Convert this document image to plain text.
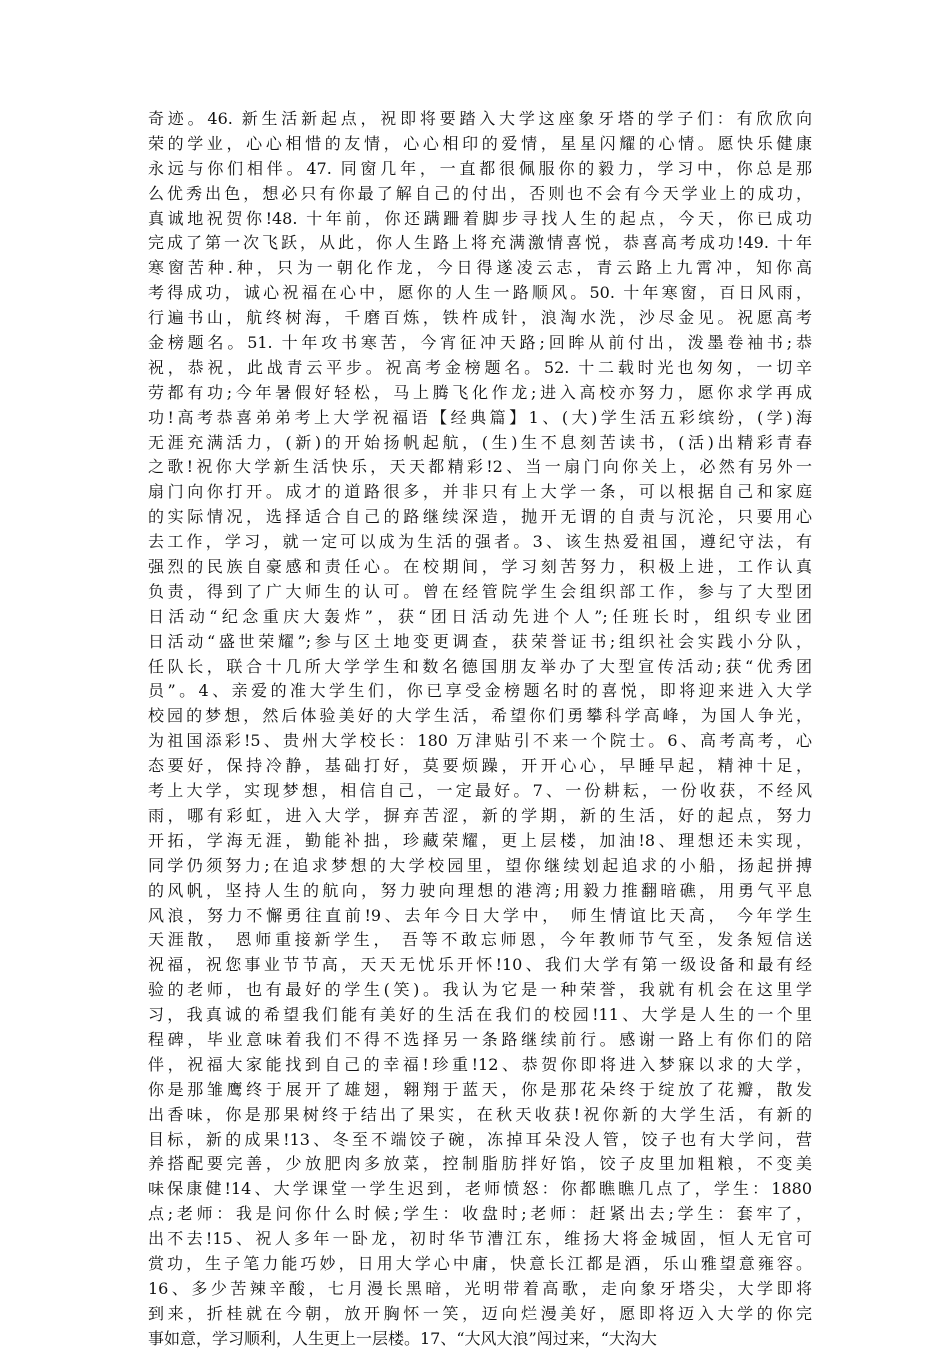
奇迹。46. 新生活新起点，祝即将要踏入大学这座象牙塔的学子们：有欣欣向
荣的学业，心心相惜的友情，心心相印的爱情，星星闪耀的心情。愿快乐健康
永远与你们相伴。47. 同窗几年，一直都很佩服你的毅力，学习中，你总是那
么优秀出色，想必只有你最了解自己的付出，否则也不会有今天学业上的成功，
真诚地祝贺你!48. 十年前，你还蹒跚着脚步寻找人生的起点，今天，你已成功
完成了第一次飞跃，从此，你人生路上将充满激情喜悦，恭喜高考成功!49. 十年
寒窗苦种.种，只为一朝化作龙，今日得遂凌云志，青云路上九霄冲，知你高
考得成功，诚心祝福在心中，愿你的人生一路顺风。50. 十年寒窗，百日风雨，
行遍书山，航终树海，千磨百炼，铁杵成针，浪淘水洗，沙尽金见。祝愿高考
金榜题名。51. 十年攻书寒苦，今宵征冲天路;回眸从前付出，泼墨卷袖书;恭
祝，恭祝，此战青云平步。祝高考金榜题名。52. 十二载时光也匆匆，一切辛
劳都有功;今年暑假好轻松，马上腾飞化作龙;进入高校亦努力，愿你求学再成
功!高考恭喜弟弟考上大学祝福语【经典篇】1、(大)学生活五彩缤纷，(学)海
无涯充满活力，(新)的开始扬帆起航，(生)生不息刻苦读书，(活)出精彩青春
之歌!祝你大学新生活快乐，天天都精彩!2、当一扇门向你关上，必然有另外一
扇门向你打开。成才的道路很多，并非只有上大学一条，可以根据自己和家庭
的实际情况，选择适合自己的路继续深造，抛开无谓的自责与沉沦，只要用心
去工作，学习，就一定可以成为生活的强者。3、该生热爱祖国，遵纪守法，有
强烈的民族自豪感和责任心。在校期间，学习刻苦努力，积极上进，工作认真
负责，得到了广大师生的认可。曾在经管院学生会组织部工作，参与了大型团
日活动“纪念重庆大轰炸”，获“团日活动先进个人”;任班长时，组织专业团
日活动“盛世荣耀”;参与区土地变更调查，获荣誉证书;组织社会实践小分队，
任队长，联合十几所大学学生和数名德国朋友举办了大型宣传活动;获“优秀团
员”。4、亲爱的准大学生们，你已享受金榜题名时的喜悦，即将迎来进入大学
校园的梦想，然后体验美好的大学生活，希望你们勇攀科学高峰，为国人争光，
为祖国添彩!5、贵州大学校长：180 万津贴引不来一个院士。6、高考高考，心
态要好，保持冷静，基础打好，莫要烦躁，开开心心，早睡早起，精神十足，
考上大学，实现梦想，相信自己，一定最好。7、一份耕耘，一份收获，不经风
雨，哪有彩虹，进入大学，摒弃苦涩，新的学期，新的生活，好的起点，努力
开拓，学海无涯，勤能补拙，珍藏荣耀，更上层楼，加油!8、理想还未实现，
同学仍须努力;在追求梦想的大学校园里，望你继续划起追求的小船，扬起拼搏
的风帆，坚持人生的航向，努力驶向理想的港湾;用毅力推翻暗礁，用勇气平息
风浪，努力不懈勇往直前!9、去年今日大学中， 师生情谊比天高， 今年学生
天涯散， 恩师重接新学生， 吾等不敢忘师恩，今年教师节气至，发条短信送
祝福，祝您事业节节高，天天无忧乐开怀!10、我们大学有第一级设备和最有经
验的老师，也有最好的学生(笑)。我认为它是一种荣誉，我就有机会在这里学
习，我真诚的希望我们能有美好的生活在我们的校园!11、大学是人生的一个里
程碑，毕业意味着我们不得不选择另一条路继续前行。感谢一路上有你们的陪
伴，祝福大家能找到自己的幸福!珍重!12、恭贺你即将进入梦寐以求的大学，
你是那雏鹰终于展开了雄翅，翱翔于蓝天，你是那花朵终于绽放了花瓣，散发
出香味，你是那果树终于结出了果实，在秋天收获!祝你新的大学生活，有新的
目标，新的成果!13、冬至不端饺子碗，冻掉耳朵没人管，饺子也有大学问，营
养搭配要完善，少放肥肉多放菜，控制脂肪拌好馅，饺子皮里加粗粮，不变美
味保康健!14、大学课堂一学生迟到，老师愤怒：你都瞧瞧几点了，学生：1880
点;老师：我是问你什么时候;学生：收盘时;老师：赶紧出去;学生：套牢了，
出不去!15、祝人多年一卧龙，初时华节漕江东，维扬大将金城固，恒人无官可
赏功，生子笔力能巧妙，日用大学心中庸，快意长江都是酒，乐山雅望意雍容。
16、多少苦辣辛酸，七月漫长黑暗，光明带着高歌，走向象牙塔尖，大学即将
到来，折桂就在今朝，放开胸怀一笑，迈向烂漫美好，愿即将迈入大学的你完
事如意，学习顺利，人生更上一层楼。17、“大风大浪”闯过来，“大沟大
